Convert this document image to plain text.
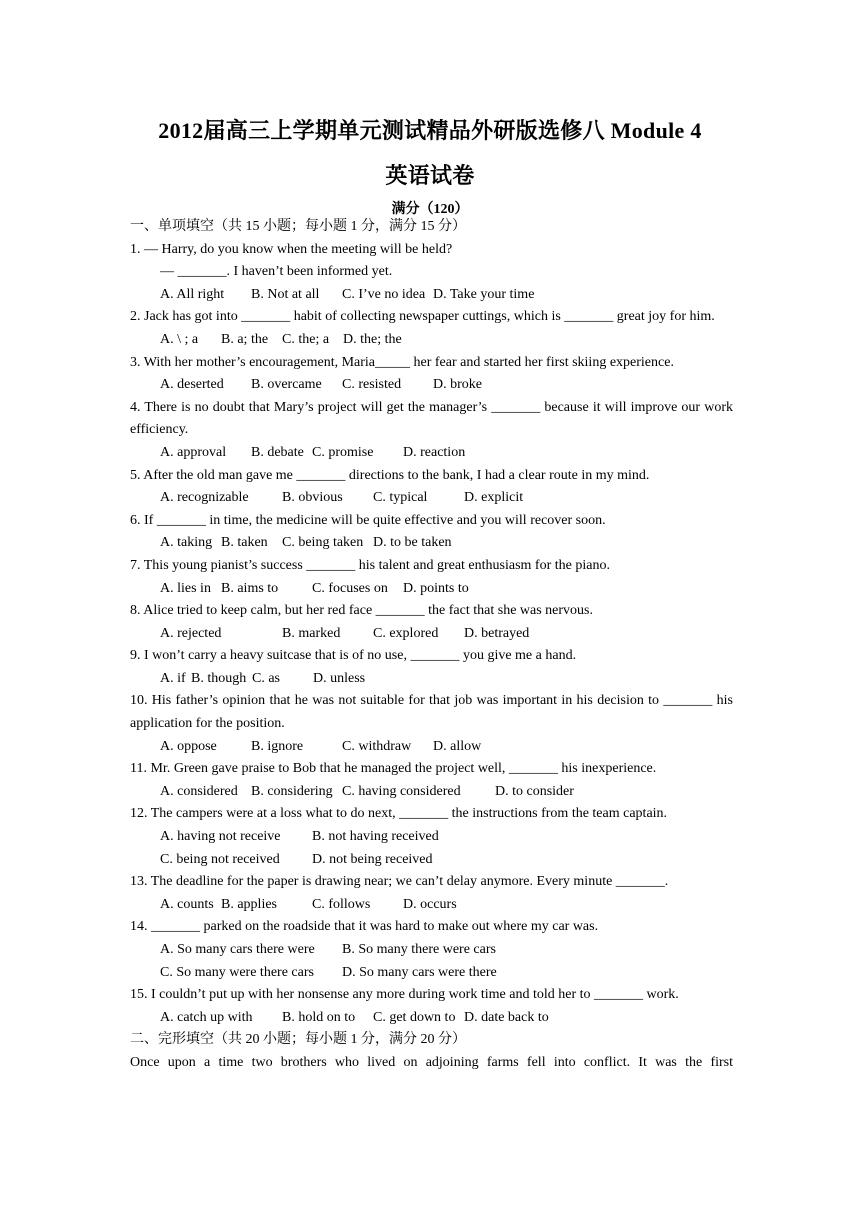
2012届高三上学期单元测试精品外研版选修八 Module 4
英语试卷
满分（120）
一、单项填空（共 15 小题；每小题 1 分，满分 15 分）
1. — Harry, do you know when the meeting will be held?
— _______. I haven’t been informed yet.
A. All right B. Not at all C. I’ve no idea D. Take your time
2. Jack has got into _______ habit of collecting newspaper cuttings, which is _______ great joy for him.
A. \ ; a B. a; the C. the; a D. the; the
3. With her mother’s encouragement, Maria_____ her fear and started her first skiing experience.
A. deserted B. overcame C. resisted D. broke
4. There is no doubt that Mary’s project will get the manager’s _______ because it will improve our work efficiency.
A. approval B. debate C. promise D. reaction
5. After the old man gave me _______ directions to the bank, I had a clear route in my mind.
A. recognizable B. obvious C. typical	D. explicit
6. If _______ in time, the medicine will be quite effective and you will recover soon.
A. taking B. taken C. being taken D. to be taken
7. This young pianist’s success _______ his talent and great enthusiasm for the piano.
A. lies in B. aims to C. focuses on D. points to
8. Alice tried to keep calm, but her red face _______ the fact that she was nervous.
A. rejected	B. marked C. explored D. betrayed
9. I won’t carry a heavy suitcase that is of no use, _______ you give me a hand.
A. if B. though C. as D. unless
10. His father’s opinion that he was not suitable for that job was important in his decision to _______ his application for the position.
A. oppose B. ignore	C. withdraw D. allow
11. Mr. Green gave praise to Bob that he managed the project well, _______ his inexperience.
A. considered B. considering C. having considered D. to consider
12. The campers were at a loss what to do next, _______ the instructions from the team captain.
A. having not receive B. not having received
C. being not received D. not being received
13. The deadline for the paper is drawing near; we can’t delay anymore. Every minute _______.
A. counts B. applies	C. follows D. occurs
14. _______ parked on the roadside that it was hard to make out where my car was.
A. So many cars there were B. So many there were cars
C. So many were there cars D. So many cars were there
15. I couldn’t put up with her nonsense any more during work time and told her to _______ work.
A. catch up with B. hold on to C. get down to D. date back to
二、完形填空（共 20 小题；每小题 1 分，满分 20 分）
Once upon a time two brothers who lived on adjoining farms fell into conflict. It was the first
